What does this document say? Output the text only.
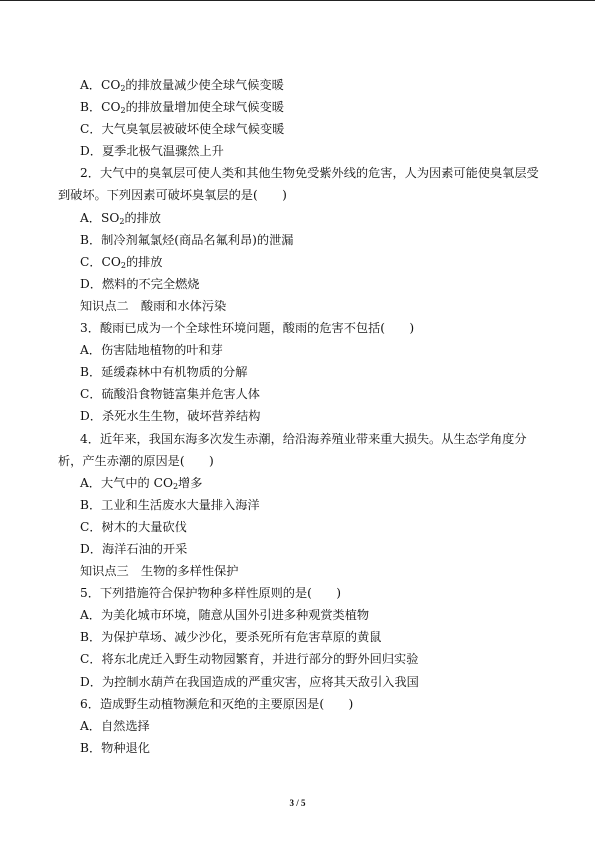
A．$CO_2$的排放量减少使全球气候变暖
B．$CO_2$的排放量增加使全球气候变暖
C．大气臭氧层被破坏使全球气候变暖
D．夏季北极气温骤然上升
2．大气中的臭氧层可使人类和其他生物免受紫外线的危害，人为因素可能使臭氧层受到破坏。下列因素可破坏臭氧层的是(　　)
A．$SO_2$的排放
B．制冷剂氟氯烃(商品名氟利昂)的泄漏
C．$CO_2$的排放
D．燃料的不完全燃烧
知识点二　酸雨和水体污染
3．酸雨已成为一个全球性环境问题，酸雨的危害不包括(　　)
A．伤害陆地植物的叶和芽
B．延缓森林中有机物质的分解
C．硫酸沿食物链富集并危害人体
D．杀死水生生物，破坏营养结构
4．近年来，我国东海多次发生赤潮，给沿海养殖业带来重大损失。从生态学角度分析，产生赤潮的原因是(　　)
A．大气中的 $CO_2$增多
B．工业和生活废水大量排入海洋
C．树木的大量砍伐
D．海洋石油的开采
知识点三　生物的多样性保护
5．下列措施符合保护物种多样性原则的是(　　)
A．为美化城市环境，随意从国外引进多种观赏类植物
B．为保护草场、减少沙化，要杀死所有危害草原的黄鼠
C．将东北虎迁入野生动物园繁育，并进行部分的野外回归实验
D．为控制水葫芦在我国造成的严重灾害，应将其天敌引入我国
6．造成野生动植物濒危和灭绝的主要原因是(　　)
A．自然选择
B．物种退化
3 / 5
